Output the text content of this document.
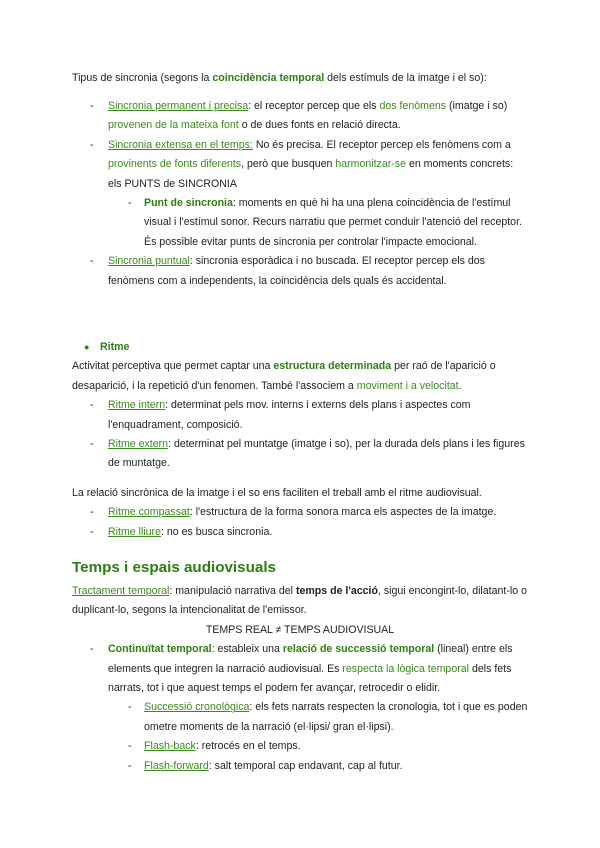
Tipus de sincronia (segons la coincidència temporal dels estímuls de la imatge i el so):

- Sincronia permanent i precisa: el receptor percep que els dos fenòmens (imatge i so) provenen de la mateixa font o de dues fonts en relació directa.
- Sincronia extensa en el temps: No és precisa. El receptor percep els fenòmens com a provinents de fonts diferents, però que busquen harmonitzar-se en moments concrets: els PUNTS de SINCRONIA
- Punt de sincronia: moments en què hi ha una plena coincidència de l'estímul visual i l'estímul sonor. Recurs narratiu que permet conduir l'atenció del receptor. És possible evitar punts de sincronia per controlar l'impacte emocional.
- Sincronia puntual: sincronia esporàdica i no buscada. El receptor percep els dos fenòmens com a independents, la coincidència dels quals és accidental.
● Ritme

Activitat perceptiva que permet captar una estructura determinada per raó de l'aparició o desaparició, i la repetició d'un fenomen. També l'associem a moviment i a velocitat.

- Ritme intern: determinat pels mov. interns i externs dels plans i aspectes com l'enquadrament, composició.
- Ritme extern: determinat pel muntatge (imatge i so), per la durada dels plans i les figures de muntatge.

La relació sincrònica de la imatge i el so ens faciliten el treball amb el ritme audiovisual.

- Ritme compassat: l'estructura de la forma sonora marca els aspectes de la imatge.
- Ritme lliure: no es busca sincronia.

Temps i espais audiovisuals

Tractament temporal: manipulació narrativa del temps de l'acció, sigui encongint-lo, dilatant-lo o duplicant-lo, segons la intencionalitat de l'emissor.

TEMPS REAL ≠ TEMPS AUDIOVISUAL

- Continuïtat temporal: estableix una relació de successió temporal (lineal) entre els elements que integren la narració audiovisual. Es respecta la lògica temporal dels fets narrats, tot i que aquest temps el podem fer avançar, retrocedir o elidir.
- Successió cronològica: els fets narrats respecten la cronologia, tot i que es poden ometre moments de la narració (el·lipsi/ gran el·lipsi).
- Flash-back: retrocés en el temps.
- Flash-forward: salt temporal cap endavant, cap al futur.
